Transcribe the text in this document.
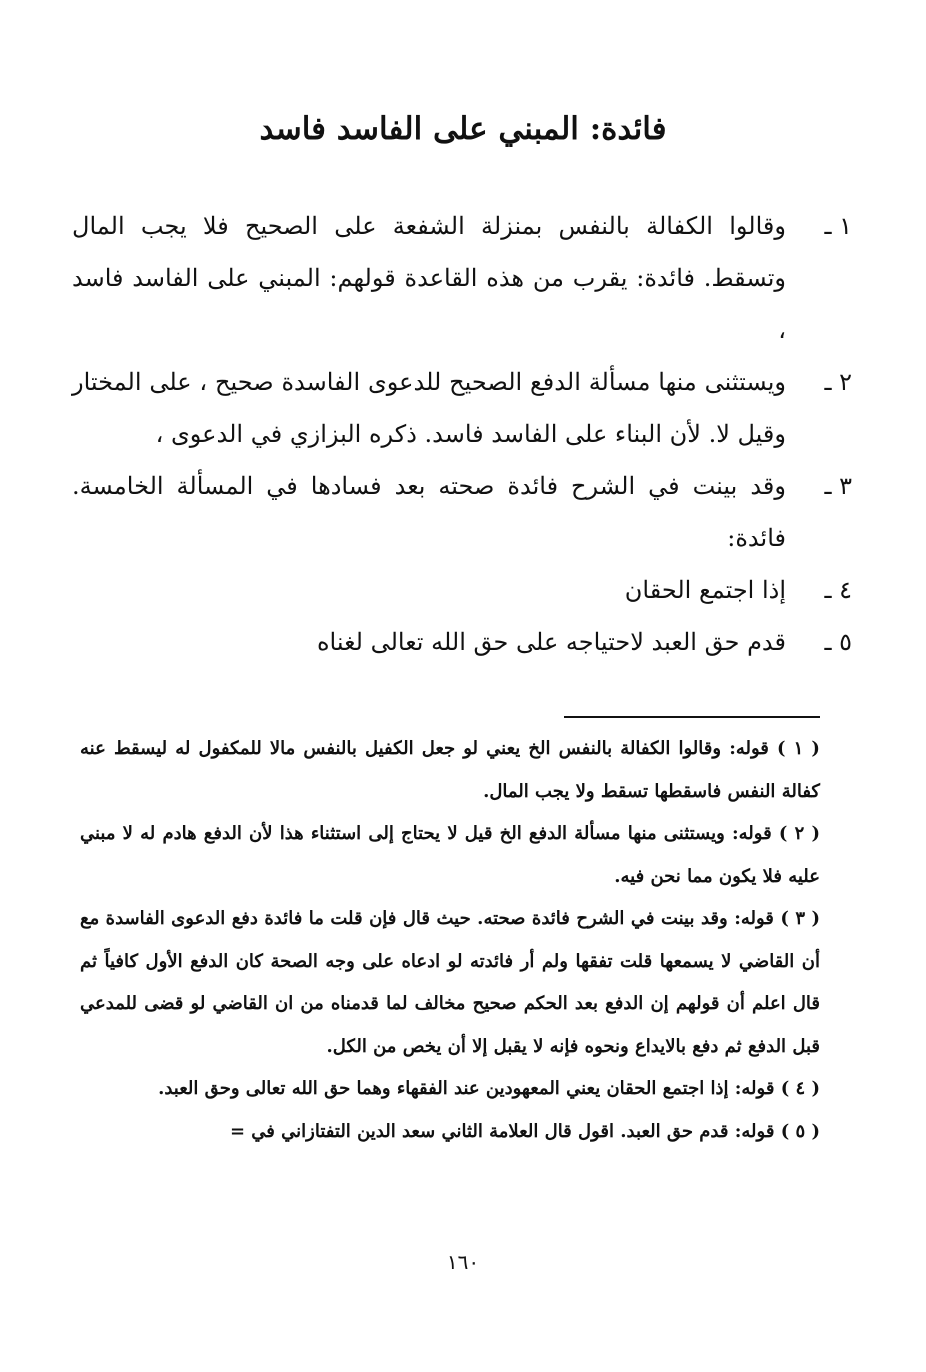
فائدة: المبني على الفاسد فاسد
١ ـ
وقالوا الكفالة بالنفس بمنزلة الشفعة على الصحيح فلا يجب المال وتسقط. فائدة: يقرب من هذه القاعدة قولهم: المبني على الفاسد فاسد ،
٢ ـ
ويستثنى منها مسألة الدفع الصحيح للدعوى الفاسدة صحيح ، على المختار وقيل لا. لأن البناء على الفاسد فاسد. ذكره البزازي في الدعوى ،
٣ ـ
وقد بينت في الشرح فائدة صحته بعد فسادها في المسألة الخامسة. فائدة:
٤ ـ
إذا اجتمع الحقان
٥ ـ
قدم حق العبد لاحتياجه على حق الله تعالى لغناه
( ١ ) قوله: وقالوا الكفالة بالنفس الخ يعني لو جعل الكفيل بالنفس مالا للمكفول له ليسقط عنه كفالة النفس فاسقطها تسقط ولا يجب المال.
( ٢ ) قوله: ويستثنى منها مسألة الدفع الخ قيل لا يحتاج إلى استثناء هذا لأن الدفع هادم له لا مبني عليه فلا يكون مما نحن فيه.
( ٣ ) قوله: وقد بينت في الشرح فائدة صحته. حيث قال فإن قلت ما فائدة دفع الدعوى الفاسدة مع أن القاضي لا يسمعها قلت تفقها ولم أر فائدته لو ادعاه على وجه الصحة كان الدفع الأول كافياً ثم قال اعلم أن قولهم إن الدفع بعد الحكم صحيح مخالف لما قدمناه من ان القاضي لو قضى للمدعي قبل الدفع ثم دفع بالايداع ونحوه فإنه لا يقبل إلا أن يخص من الكل.
( ٤ ) قوله: إذا اجتمع الحقان يعني المعهودين عند الفقهاء وهما حق الله تعالى وحق العبد.
( ٥ ) قوله: قدم حق العبد. اقول قال العلامة الثاني سعد الدين التفتازاني في =
١٦٠
